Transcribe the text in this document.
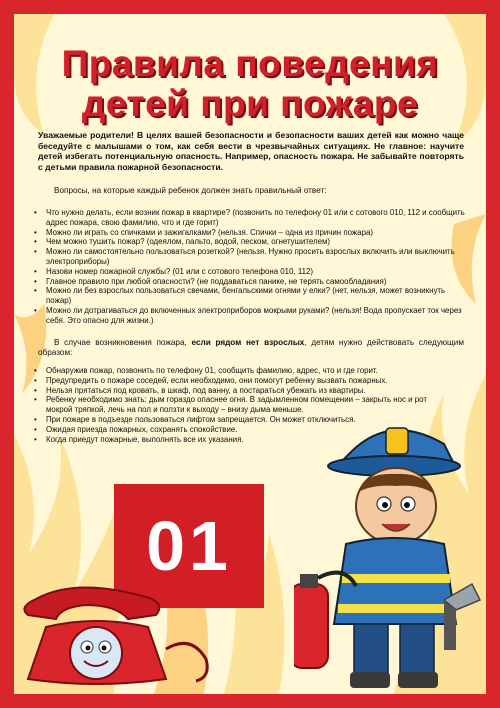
Правила поведения детей при пожаре
Уважаемые родители! В целях вашей безопасности и безопасности ваших детей как можно чаще беседуйте с малышами о том, как себя вести в чрезвычайных ситуациях. Не главное: научите детей избегать потенциальную опасность. Например, опасность пожара. Не забывайте повторять с детьми правила пожарной безопасности.
Вопросы, на которые каждый ребенок должен знать правильный ответ:
• Что нужно делать, если возник пожар в квартире? (позвонить по телефону 01 или с сотового 010, 112 и сообщить адрес пожара, свою фамилию, что и где горит)
• Можно ли играть со спичками и зажигалками? (нельзя. Спички – одна из причин пожара)
• Чем можно тушить пожар? (одеялом, пальто, водой, песком, огнетушителем)
• Можно ли самостоятельно пользоваться розеткой? (нельзя. Нужно просить взрослых включить или выключить электроприборы)
• Назови номер пожарной службы? (01 или с сотового телефона 010, 112)
• Главное правило при любой опасности? (не поддаваться панике, не терять самообладания)
• Можно ли без взрослых пользоваться свечами, бенгальскими огнями у елки? (нет, нельзя, может возникнуть пожар)
• Можно ли дотрагиваться до включенных электроприборов мокрыми руками? (нельзя! Вода пропускает ток через себя. Это опасно для жизни.)
В случае возникновения пожара, если рядом нет взрослых, детям нужно действовать следующим образом:
• Обнаружив пожар, позвонить по телефону 01, сообщить фамилию, адрес, что и где горит.
• Предупредить о пожаре соседей, если необходимо, они помогут ребенку вызвать пожарных.
• Нельзя прятаться под кровать, в шкаф, под ванну, а постараться убежать из квартиры.
• Ребенку необходимо знать: дым гораздо опаснее огня. В задымленном помещении – закрыть нос и рот мокрой тряпкой, лечь на пол и ползти к выходу – внизу дыма меньше.
• При пожаре в подъезде пользоваться лифтом запрещается. Он может отключиться.
• Ожидая приезда пожарных, сохранять спокойствие.
• Когда приедут пожарные, выполнять все их указания.
01
